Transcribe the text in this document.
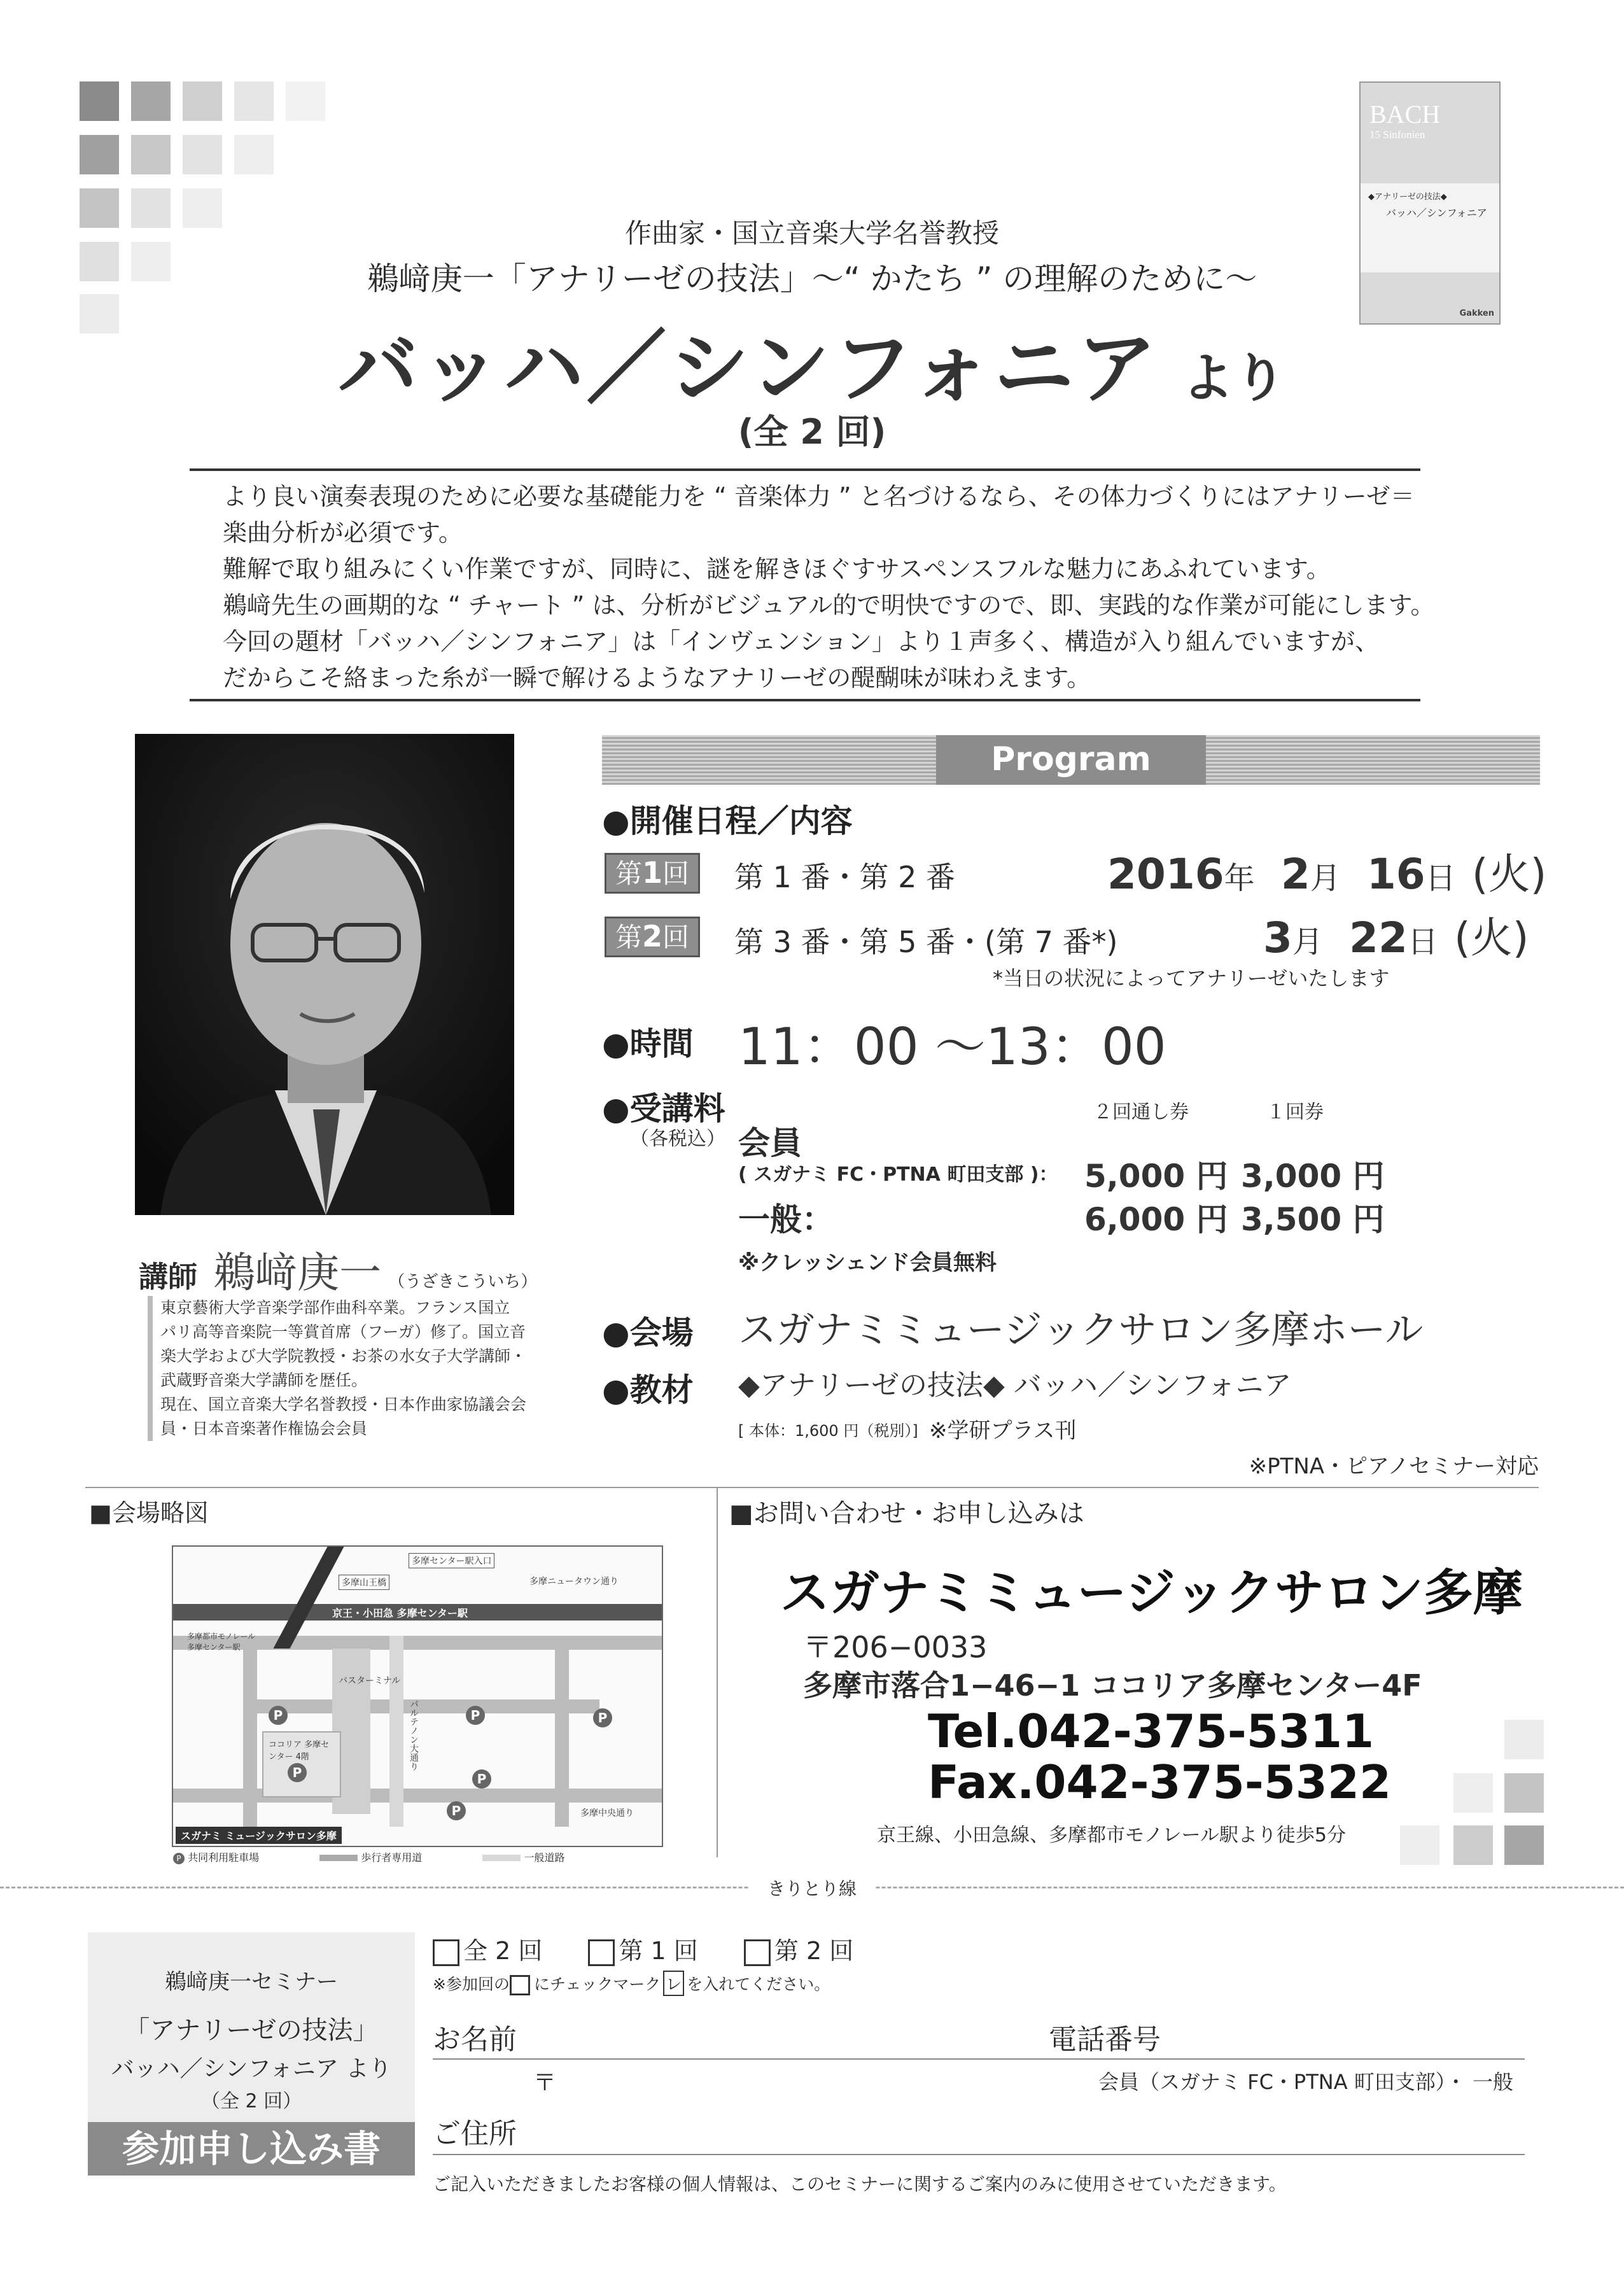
BACH
15 Sinfonien
◆アナリーゼの技法◆
バッハ／シンフォニア
Gakken
作曲家・国立音楽大学名誉教授
鵜﨑庚一「アナリーゼの技法」～“ かたち ” の理解のために～
バッハ／シンフォニア より
(全 2 回)
より良い演奏表現のために必要な基礎能力を “ 音楽体力 ” と名づけるなら、その体力づくりにはアナリーゼ＝
楽曲分析が必須です。
難解で取り組みにくい作業ですが、同時に、謎を解きほぐすサスペンスフルな魅力にあふれています。
鵜﨑先生の画期的な “ チャート ” は、分析がビジュアル的で明快ですので、即、実践的な作業が可能にします。
今回の題材「バッハ／シンフォニア」は「インヴェンション」より１声多く、構造が入り組んでいますが、
だからこそ絡まった糸が一瞬で解けるようなアナリーゼの醍醐味が味わえます。
講師 鵜﨑庚一 （うざきこういち）
東京藝術大学音楽学部作曲科卒業。フランス国立
パリ高等音楽院一等賞首席（フーガ）修了。国立音
楽大学および大学院教授・お茶の水女子大学講師・
武蔵野音楽大学講師を歴任。
現在、国立音楽大学名誉教授・日本作曲家協議会会
員・日本音楽著作権協会会員
Program
●開催日程／内容
第1回	第 1 番・第 2 番	2016年 2月 16日 (火)
第2回	第 3 番・第 5 番・(第 7 番*)	3月 22日 (火)
*当日の状況によってアナリーゼいたします
●時間 11：00 ～13：00
●受講料
（各税込）
２回通し券	１回券
会員
( スガナミ FC・PTNA 町田支部 )： 5,000 円 3,000 円
一般：	6,000 円 3,500 円
※クレッシェンド会員無料
●会場 スガナミミュージックサロン多摩ホール
●教材 ◆アナリーゼの技法◆ バッハ／シンフォニア
[ 本体：1,600 円（税別）] ※学研プラス刊
※PTNA・ピアノセミナー対応
■会場略図
多摩センター駅入口
多摩ニュータウン通り
多摩山王橋
京王・小田急 多摩センター駅
多摩都市モノレール 多摩センター駅
バスターミナル
パルテノン大通り
ココリア 多摩センター 4階
多摩中央通り
P
P
P
P
P
P
スガナミ ミュージックサロン多摩
P 共同利用駐車場	歩行者専用道	一般道路
■お問い合わせ・お申し込みは
スガナミミュージックサロン多摩
〒206−0033
多摩市落合1−46−1 ココリア多摩センター4F
Tel.042-375-5311
Fax.042-375-5322
京王線、小田急線、多摩都市モノレール駅より徒歩5分
きりとり線
鵜﨑庚一セミナー
「アナリーゼの技法」
バッハ／シンフォニア より
（全 2 回）
参加申し込み書
全 2 回	第 1 回	第 2 回
※参加回の にチェックマーク レ を入れてください。
お名前	電話番号
〒	会員（スガナミ FC・PTNA 町田支部）・ 一般
ご住所
ご記入いただきましたお客様の個人情報は、このセミナーに関するご案内のみに使用させていただきます。
